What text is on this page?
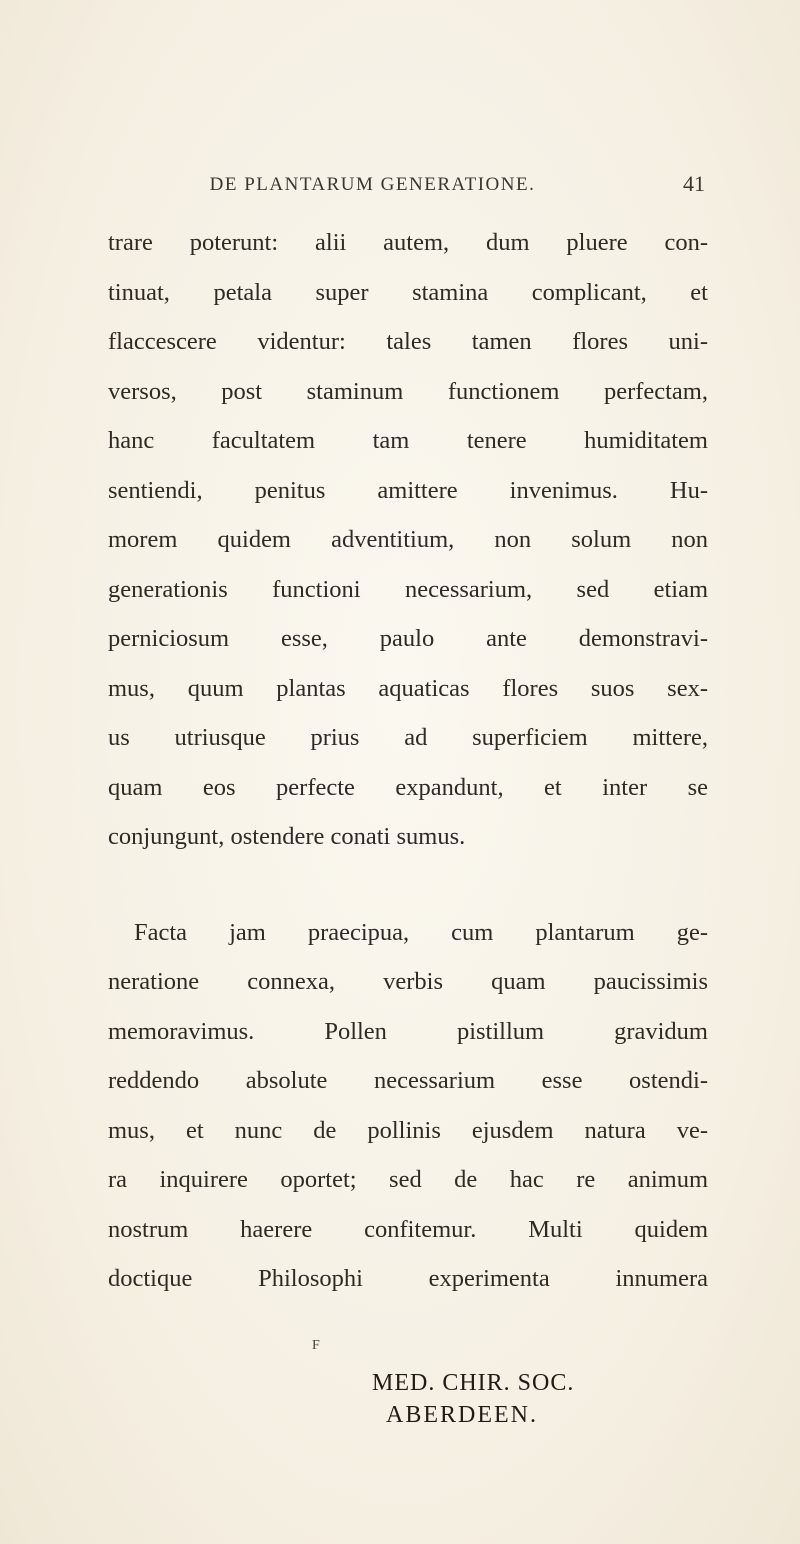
DE PLANTARUM GENERATIONE.	41
trare poterunt: alii autem, dum pluere con-
tinuat, petala super stamina complicant, et
flaccescere videntur: tales tamen flores uni-
versos, post staminum functionem perfectam,
hanc facultatem tam tenere humiditatem
sentiendi, penitus amittere invenimus. Hu-
morem quidem adventitium, non solum non
generationis functioni necessarium, sed etiam
perniciosum esse, paulo ante demonstravi-
mus, quum plantas aquaticas flores suos sex-
us utriusque prius ad superficiem mittere,
quam eos perfecte expandunt, et inter se
conjungunt, ostendere conati sumus.
Facta jam praecipua, cum plantarum ge-
neratione connexa, verbis quam paucissimis
memoravimus. Pollen pistillum gravidum
reddendo absolute necessarium esse ostendi-
mus, et nunc de pollinis ejusdem natura ve-
ra inquirere oportet; sed de hac re animum
nostrum haerere confitemur. Multi quidem
doctique Philosophi experimenta innumera
F
MED. CHIR. SOC.
ABERDEEN.
